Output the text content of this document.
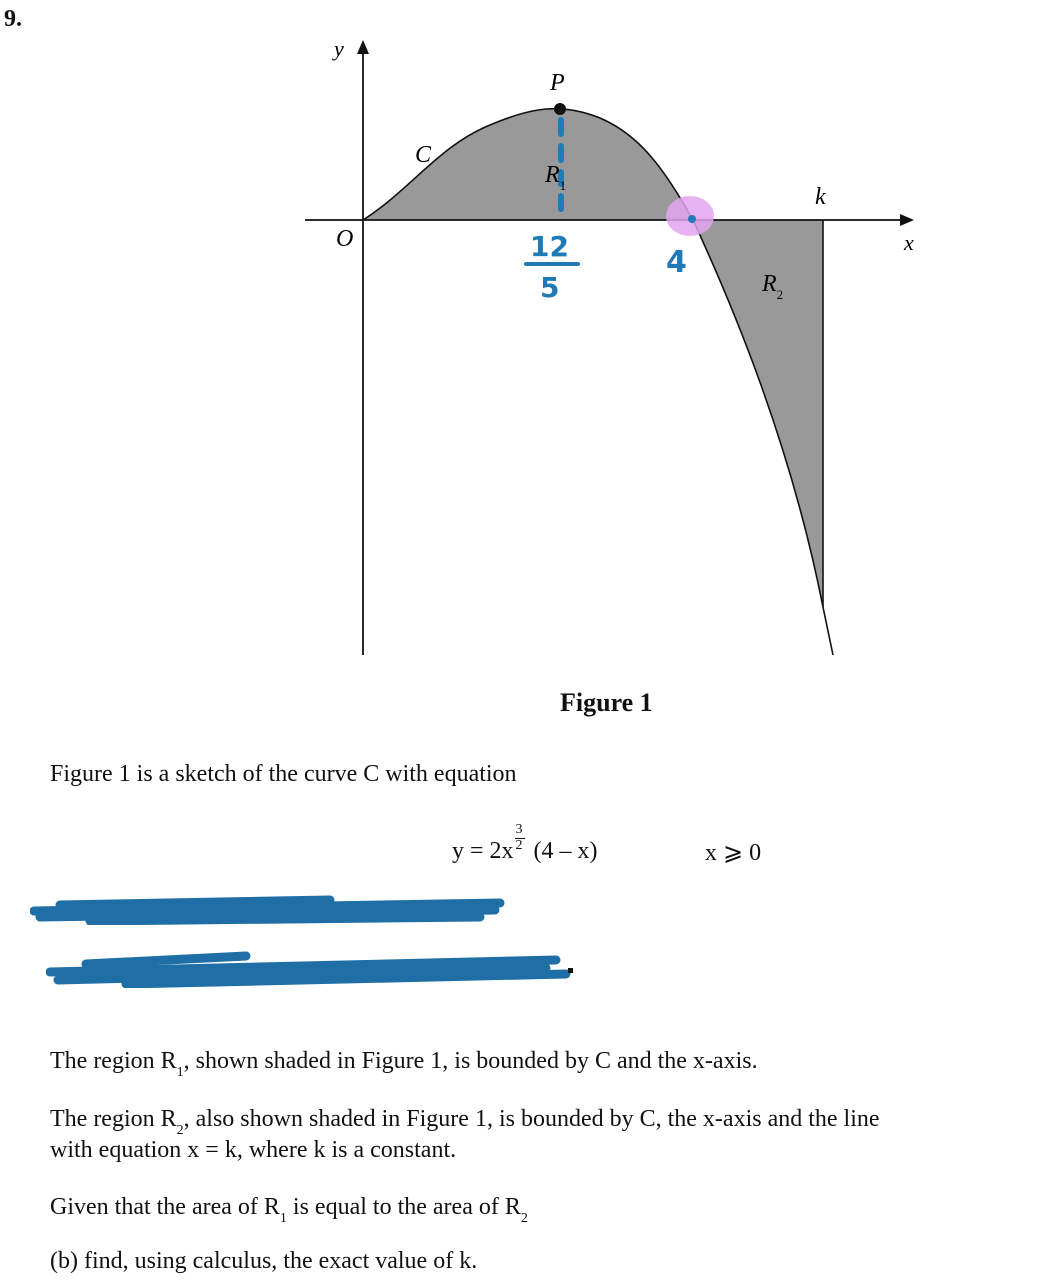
9.
y
x
O
C
P
$R_1$
$R_2$
k
12
5
4
Figure 1
Figure 1 is a sketch of the curve C with equation
$y = 2x \frac{3}{2} (4 - x)$	x ⩾ 0
The region $R_1$, shown shaded in Figure 1, is bounded by C and the x-axis.
The region $R_2$, also shown shaded in Figure 1, is bounded by C, the x-axis and the line
with equation x = k, where k is a constant.
Given that the area of $R_1$ is equal to the area of $R_2$
(b) find, using calculus, the exact value of k.
